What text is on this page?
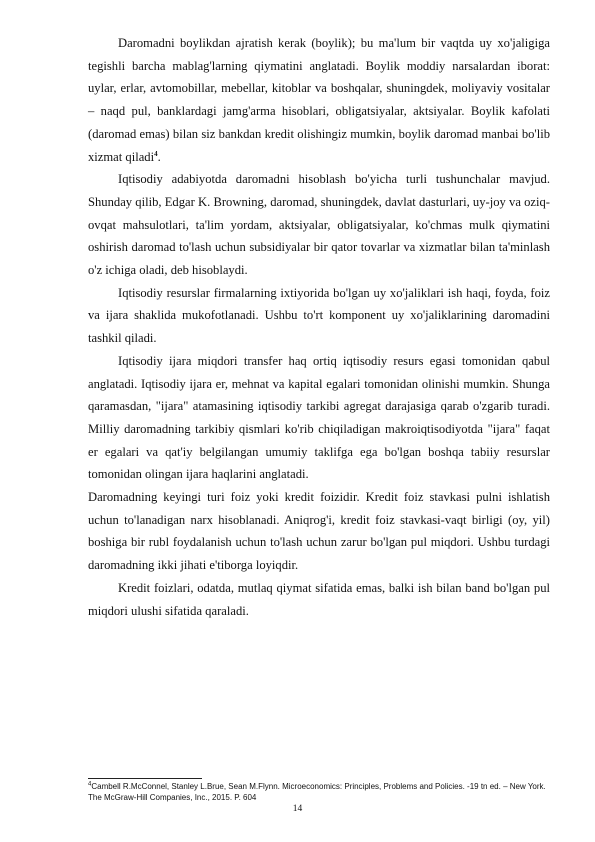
Daromadni boylikdan ajratish kerak (boylik); bu ma'lum bir vaqtda uy xo'jaligiga tegishli barcha mablag'larning qiymatini anglatadi. Boylik moddiy narsalardan iborat: uylar, erlar, avtomobillar, mebellar, kitoblar va boshqalar, shuningdek, moliyaviy vositalar – naqd pul, banklardagi jamg'arma hisoblari, obligatsiyalar, aktsiyalar. Boylik kafolati (daromad emas) bilan siz bankdan kredit olishingiz mumkin, boylik daromad manbai bo'lib xizmat qiladi$^4$.

Iqtisodiy adabiyotda daromadni hisoblash bo'yicha turli tushunchalar mavjud. Shunday qilib, Edgar K. Browning, daromad, shuningdek, davlat dasturlari, uy-joy va oziq-ovqat mahsulotlari, ta'lim yordam, aktsiyalar, obligatsiyalar, ko'chmas mulk qiymatini oshirish daromad to'lash uchun subsidiyalar bir qator tovarlar va xizmatlar bilan ta'minlash o'z ichiga oladi, deb hisoblaydi.

Iqtisodiy resurslar firmalarning ixtiyorida bo'lgan uy xo'jaliklari ish haqi, foyda, foiz va ijara shaklida mukofotlanadi. Ushbu to'rt komponent uy xo'jaliklarining daromadini tashkil qiladi.

Iqtisodiy ijara miqdori transfer haq ortiq iqtisodiy resurs egasi tomonidan qabul anglatadi. Iqtisodiy ijara er, mehnat va kapital egalari tomonidan olinishi mumkin. Shunga qaramasdan, "ijara" atamasining iqtisodiy tarkibi agregat darajasiga qarab o'zgarib turadi. Milliy daromadning tarkibiy qismlari ko'rib chiqiladigan makroiqtisodiyotda "ijara" faqat er egalari va qat'iy belgilangan umumiy taklifga ega bo'lgan boshqa tabiiy resurslar tomonidan olingan ijara haqlarini anglatadi.

Daromadning keyingi turi foiz yoki kredit foizidir. Kredit foiz stavkasi pulni ishlatish uchun to'lanadigan narx hisoblanadi. Aniqrog'i, kredit foiz stavkasi-vaqt birligi (oy, yil) boshiga bir rubl foydalanish uchun to'lash uchun zarur bo'lgan pul miqdori. Ushbu turdagi daromadning ikki jihati e'tiborga loyiqdir.

Kredit foizlari, odatda, mutlaq qiymat sifatida emas, balki ish bilan band bo'lgan pul miqdori ulushi sifatida qaraladi.

$^4$Cambell R.McConnel, Stanley L.Brue, Sean M.Flynn. Microeconomics: Principles, Problems and Policies. -19 tn ed. – New York. The McGraw-Hill Companies, Inc., 2015. P. 604
14
